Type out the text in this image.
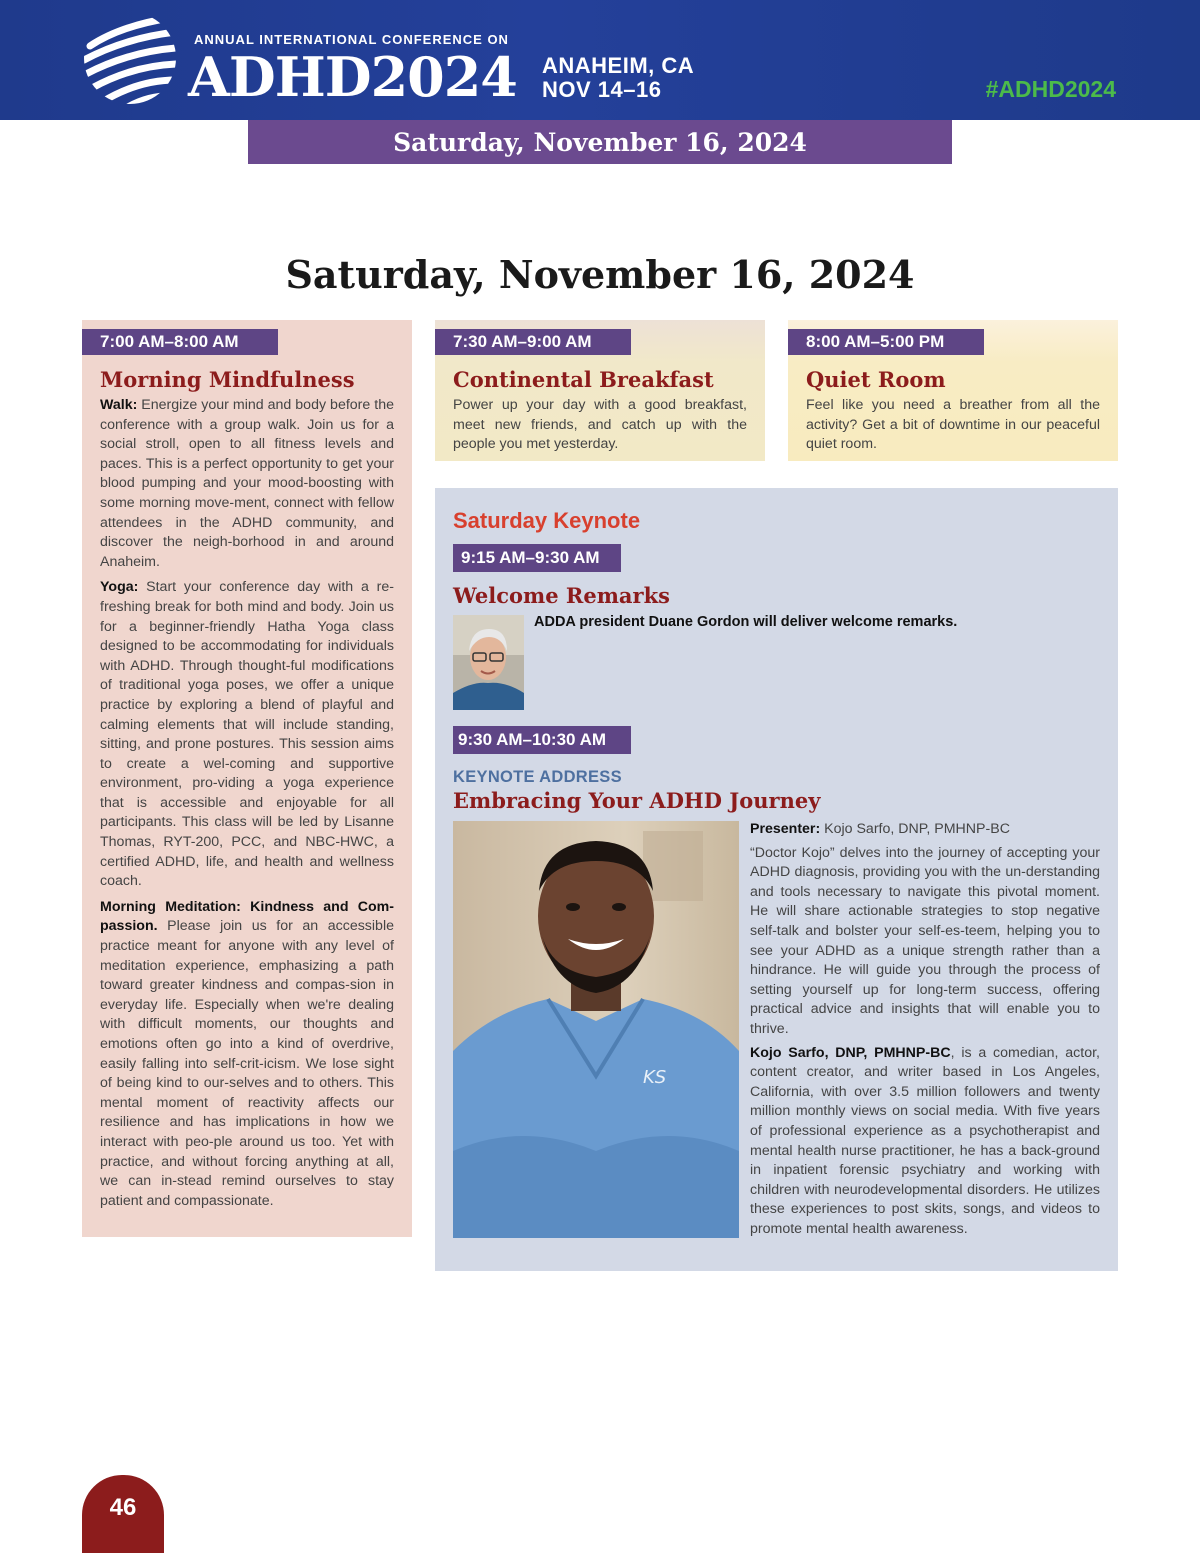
ANNUAL INTERNATIONAL CONFERENCE ON
ADHD2024 ANAHEIM, CA
NOV 14–16	#ADHD2024
Saturday, November 16, 2024
Saturday, November 16, 2024
7:00 AM–8:00 AM
Morning Mindfulness

Walk: Energize your mind and body before the conference with a group walk. Join us for a social stroll, open to all fitness levels and paces. This is a perfect opportunity to get your blood pumping and your mood-boosting with some morning move-ment, connect with fellow attendees in the ADHD community, and discover the neigh-borhood in and around Anaheim.

Yoga: Start your conference day with a re-freshing break for both mind and body. Join us for a beginner-friendly Hatha Yoga class designed to be accommodating for individuals with ADHD. Through thought-ful modifications of traditional yoga poses, we offer a unique practice by exploring a blend of playful and calming elements that will include standing, sitting, and prone postures. This session aims to create a wel-coming and supportive environment, pro-viding a yoga experience that is accessible and enjoyable for all participants. This class will be led by Lisanne Thomas, RYT-200, PCC, and NBC-HWC, a certified ADHD, life, and health and wellness coach.

Morning Meditation: Kindness and Com-passion. Please join us for an accessible practice meant for anyone with any level of meditation experience, emphasizing a path toward greater kindness and compas-sion in everyday life. Especially when we're dealing with difficult moments, our thoughts and emotions often go into a kind of overdrive, easily falling into self-crit-icism. We lose sight of being kind to our-selves and to others. This mental moment of reactivity affects our resilience and has implications in how we interact with peo-ple around us too. Yet with practice, and without forcing anything at all, we can in-stead remind ourselves to stay patient and compassionate.

7:30 AM–9:00 AM
Continental Breakfast
Power up your day with a good breakfast, meet new friends, and catch up with the people you met yesterday.
8:00 AM–5:00 PM
Quiet Room
Feel like you need a breather from all the activity? Get a bit of downtime in our peaceful quiet room.
Saturday Keynote
9:15 AM–9:30 AM
Welcome Remarks
ADDA president Duane Gordon will deliver welcome remarks.
9:30 AM–10:30 AM
KEYNOTE ADDRESS
Embracing Your ADHD Journey
KS

Presenter: Kojo Sarfo, DNP, PMHNP-BC

“Doctor Kojo” delves into the journey of accepting your ADHD diagnosis, providing you with the un-derstanding and tools necessary to navigate this pivotal moment. He will share actionable strategies to stop negative self-talk and bolster your self-es-teem, helping you to see your ADHD as a unique strength rather than a hindrance. He will guide you through the process of setting yourself up for long-term success, offering practical advice and insights that will enable you to thrive.

Kojo Sarfo, DNP, PMHNP-BC, is a comedian, actor, content creator, and writer based in Los Angeles, California, with over 3.5 million followers and twenty million monthly views on social media. With five years of professional experience as a psychotherapist and mental health nurse practitioner, he has a back-ground in inpatient forensic psychiatry and working with children with neurodevelopmental disorders. He utilizes these experiences to post skits, songs, and videos to promote mental health awareness.

46
